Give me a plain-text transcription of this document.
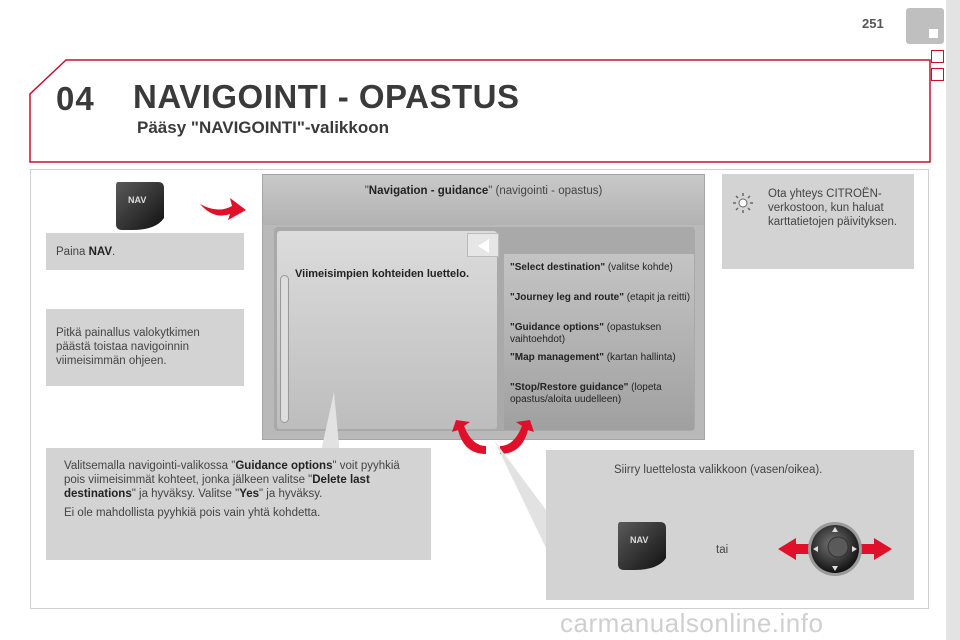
251
04 NAVIGOINTI - OPASTUS
Pääsy "NAVIGOINTI"-valikkoon
NAV
Paina NAV.
Pitkä painallus valokytkimen päästä toistaa navigoinnin viimeisimmän ohjeen.
"Navigation - guidance" (navigointi - opastus)
Viimeisimpien kohteiden luettelo.
"Select destination" (valitse kohde)
"Journey leg and route" (etapit ja reitti)
"Guidance options" (opastuksen vaihtoehdot)
"Map management" (kartan hallinta)
"Stop/Restore guidance" (lopeta opastus/aloita uudelleen)
Ota yhteys CITROËN-verkostoon, kun haluat karttatietojen päivityksen.
Valitsemalla navigointi-valikossa "Guidance options" voit pyyhkiä pois viimeisimmät kohteet, jonka jälkeen valitse "Delete last destinations" ja hyväksy. Valitse "Yes" ja hyväksy.
Ei ole mahdollista pyyhkiä pois vain yhtä kohdetta.
Siirry luettelosta valikkoon (vasen/oikea).
tai
NAV
carmanualsonline.info
